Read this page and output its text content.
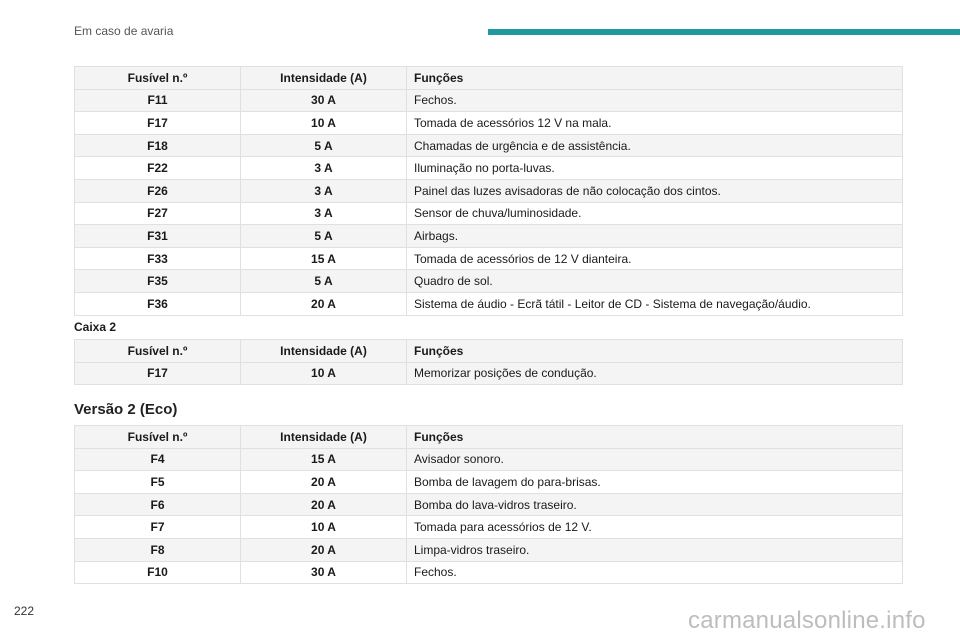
Em caso de avaria
Fusível n.º	Intensidade (A)	Funções
F11	30 A	Fechos.
F17	10 A	Tomada de acessórios 12 V na mala.
F18	5 A	Chamadas de urgência e de assistência.
F22	3 A	Iluminação no porta-luvas.
F26	3 A	Painel das luzes avisadoras de não colocação dos cintos.
F27	3 A	Sensor de chuva/luminosidade.
F31	5 A	Airbags.
F33	15 A	Tomada de acessórios de 12 V dianteira.
F35	5 A	Quadro de sol.
F36	20 A	Sistema de áudio - Ecrã tátil - Leitor de CD - Sistema de navegação/áudio.
Caixa 2
Fusível n.º	Intensidade (A)	Funções
F17	10 A	Memorizar posições de condução.
Versão 2 (Eco)
Fusível n.º	Intensidade (A)	Funções
F4	15 A	Avisador sonoro.
F5	20 A	Bomba de lavagem do para-brisas.
F6	20 A	Bomba do lava-vidros traseiro.
F7	10 A	Tomada para acessórios de 12 V.
F8	20 A	Limpa-vidros traseiro.
F10	30 A	Fechos.
222	carmanualsonline.info
